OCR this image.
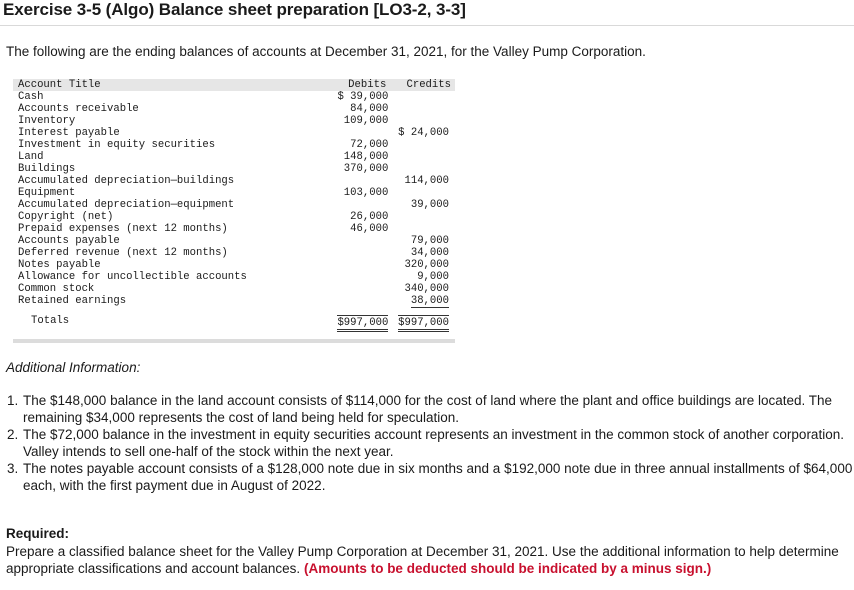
Exercise 3-5 (Algo) Balance sheet preparation [LO3-2, 3-3]
The following are the ending balances of accounts at December 31, 2021, for the Valley Pump Corporation.
Account Title	Debits	Credits
Cash	$ 39,000	
Accounts receivable	84,000	
Inventory	109,000	
Interest payable		$ 24,000
Investment in equity securities	72,000	
Land	148,000	
Buildings	370,000	
Accumulated depreciation—buildings		114,000
Equipment	103,000	
Accumulated depreciation—equipment		39,000
Copyright (net)	26,000	
Prepaid expenses (next 12 months)	46,000	
Accounts payable		79,000
Deferred revenue (next 12 months)		34,000
Notes payable		320,000
Allowance for uncollectible accounts		9,000
Common stock		340,000
Retained earnings		38,000
Totals	$997,000	$997,000
Additional Information:
1. The $148,000 balance in the land account consists of $114,000 for the cost of land where the plant and office buildings are located. The remaining $34,000 represents the cost of land being held for speculation.
2. The $72,000 balance in the investment in equity securities account represents an investment in the common stock of another corporation. Valley intends to sell one-half of the stock within the next year.
3. The notes payable account consists of a $128,000 note due in six months and a $192,000 note due in three annual installments of $64,000 each, with the first payment due in August of 2022.
Required:
Prepare a classified balance sheet for the Valley Pump Corporation at December 31, 2021. Use the additional information to help determine appropriate classifications and account balances. (Amounts to be deducted should be indicated by a minus sign.)
